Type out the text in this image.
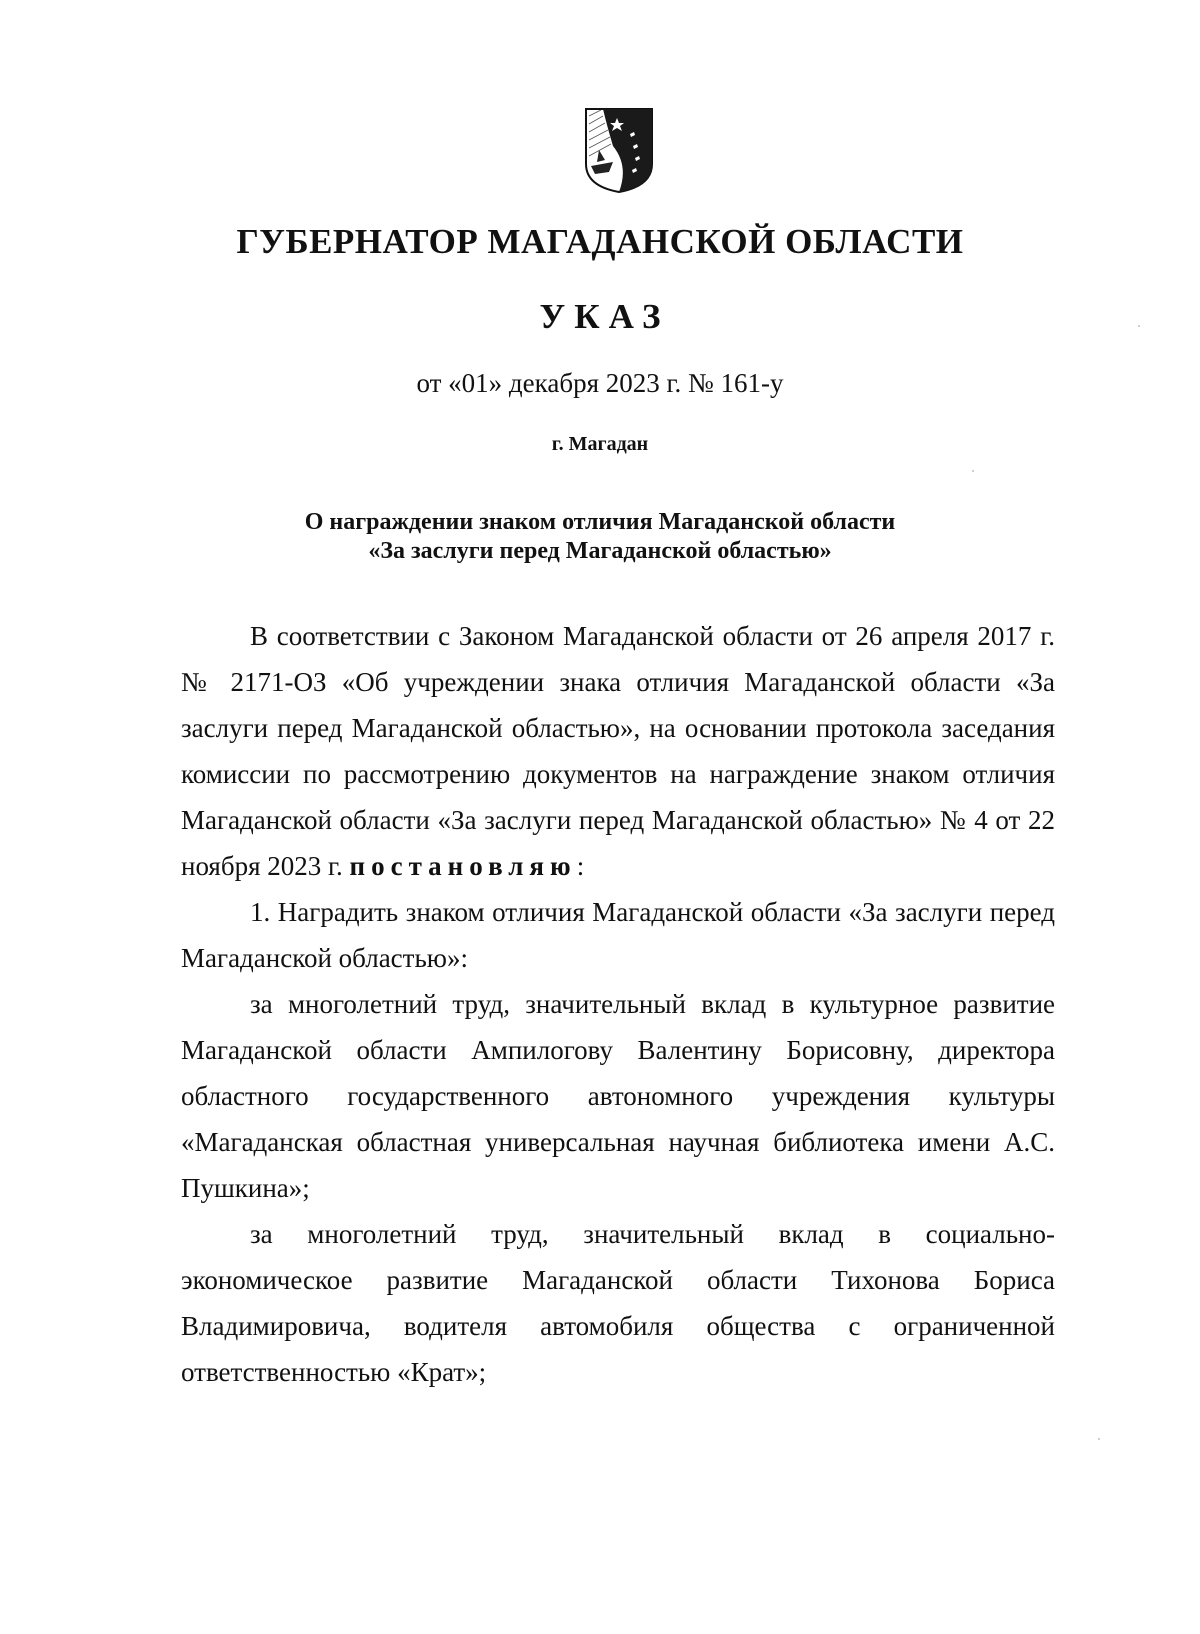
ГУБЕРНАТОР МАГАДАНСКОЙ ОБЛАСТИ
УКАЗ
от «01» декабря 2023 г. № 161-у
г. Магадан
О награждении знаком отличия Магаданской области
«За заслуги перед Магаданской областью»

В соответствии с Законом Магаданской области от 26 апреля 2017 г. № 2171-ОЗ «Об учреждении знака отличия Магаданской области «За заслуги перед Магаданской областью», на основании протокола заседания комиссии по рассмотрению документов на награждение знаком отличия Магаданской области «За заслуги перед Магаданской областью» № 4 от 22 ноября 2023 г. постановляю:

1. Наградить знаком отличия Магаданской области «За заслуги перед Магаданской областью»:

за многолетний труд, значительный вклад в культурное развитие Магаданской области Ампилогову Валентину Борисовну, директора областного государственного автономного учреждения культуры «Магаданская областная универсальная научная библиотека имени А.С. Пушкина»;

за многолетний труд, значительный вклад в социально-экономическое развитие Магаданской области Тихонова Бориса Владимировича, водителя автомобиля общества с ограниченной ответственностью «Крат»;
